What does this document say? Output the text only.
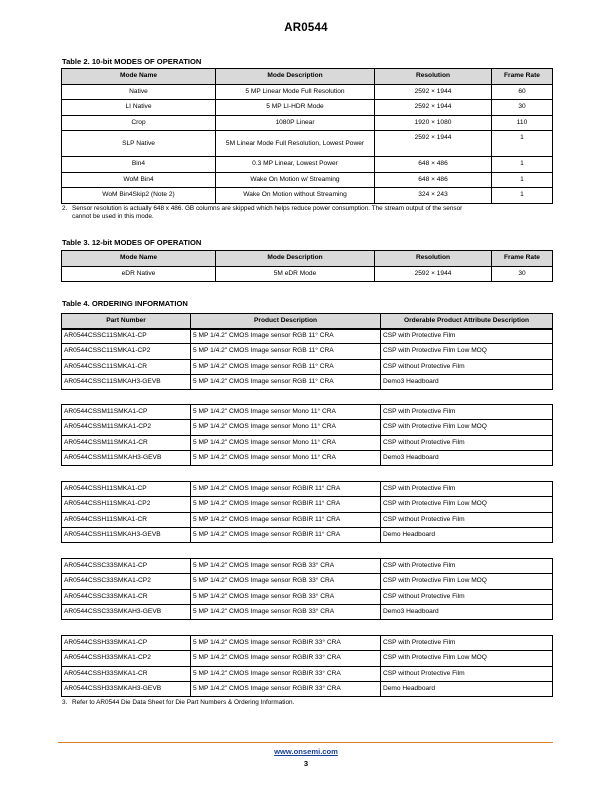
AR0544
Table 2. 10-bit MODES OF OPERATION
Mode Name	Mode Description	Resolution	Frame Rate
Native	5 MP Linear Mode Full Resolution	2592 × 1944	60
LI Native	5 MP LI-HDR Mode	2592 × 1944	30
Crop	1080P Linear	1920 × 1080	110
SLP Native	5M Linear Mode Full Resolution, Lowest Power	2592 × 1944	1
Bin4	0.3 MP Linear, Lowest Power	648 × 486	1
WoM Bin4	Wake On Motion w/ Streaming	648 × 486	1
WoM Bin4Skip2 (Note 2)	Wake On Motion without Streaming	324 × 243	1
2. Sensor resolution is actually 648 x 486. GB columns are skipped which helps reduce power consumption. The stream output of the sensor
cannot be used in this mode.
Table 3. 12-bit MODES OF OPERATION
Mode Name	Mode Description	Resolution	Frame Rate
eDR Native	5M eDR Mode	2592 × 1944	30
Table 4. ORDERING INFORMATION
Part Number	Product Description	Orderable Product Attribute Description
AR0544CSSC11SMKA1-CP	5 MP 1/4.2" CMOS Image sensor RGB 11° CRA	CSP with Protective Film
AR0544CSSC11SMKA1-CP2	5 MP 1/4.2" CMOS Image sensor RGB 11° CRA	CSP with Protective Film Low MOQ
AR0544CSSC11SMKA1-CR	5 MP 1/4.2" CMOS Image sensor RGB 11° CRA	CSP without Protective Film
AR0544CSSC11SMKAH3-GEVB	5 MP 1/4.2" CMOS Image sensor RGB 11° CRA	Demo3 Headboard
AR0544CSSM11SMKA1-CP	5 MP 1/4.2" CMOS Image sensor Mono 11° CRA	CSP with Protective Film
AR0544CSSM11SMKA1-CP2	5 MP 1/4.2" CMOS Image sensor Mono 11° CRA	CSP with Protective Film Low MOQ
AR0544CSSM11SMKA1-CR	5 MP 1/4.2" CMOS Image sensor Mono 11° CRA	CSP without Protective Film
AR0544CSSM11SMKAH3-GEVB	5 MP 1/4.2" CMOS Image sensor Mono 11° CRA	Demo3 Headboard
AR0544CSSH11SMKA1-CP	5 MP 1/4.2" CMOS Image sensor RGBIR 11° CRA	CSP with Protective Film
AR0544CSSH11SMKA1-CP2	5 MP 1/4.2" CMOS Image sensor RGBIR 11° CRA	CSP with Protective Film Low MOQ
AR0544CSSH11SMKA1-CR	5 MP 1/4.2" CMOS Image sensor RGBIR 11° CRA	CSP without Protective Film
AR0544CSSH11SMKAH3-GEVB	5 MP 1/4.2" CMOS Image sensor RGBIR 11° CRA	Demo Headboard
AR0544CSSC33SMKA1-CP	5 MP 1/4.2" CMOS Image sensor RGB 33° CRA	CSP with Protective Film
AR0544CSSC33SMKA1-CP2	5 MP 1/4.2" CMOS Image sensor RGB 33° CRA	CSP with Protective Film Low MOQ
AR0544CSSC33SMKA1-CR	5 MP 1/4.2" CMOS Image sensor RGB 33° CRA	CSP without Protective Film
AR0544CSSC33SMKAH3-GEVB	5 MP 1/4.2" CMOS Image sensor RGB 33° CRA	Demo3 Headboard
AR0544CSSH33SMKA1-CP	5 MP 1/4.2" CMOS Image sensor RGBIR 33° CRA	CSP with Protective Film
AR0544CSSH33SMKA1-CP2	5 MP 1/4.2" CMOS Image sensor RGBIR 33° CRA	CSP with Protective Film Low MOQ
AR0544CSSH33SMKA1-CR	5 MP 1/4.2" CMOS Image sensor RGBIR 33° CRA	CSP without Protective Film
AR0544CSSH33SMKAH3-GEVB	5 MP 1/4.2" CMOS Image sensor RGBIR 33° CRA	Demo Headboard
3. Refer to AR0544 Die Data Sheet for Die Part Numbers & Ordering Information.
www.onsemi.com
3
